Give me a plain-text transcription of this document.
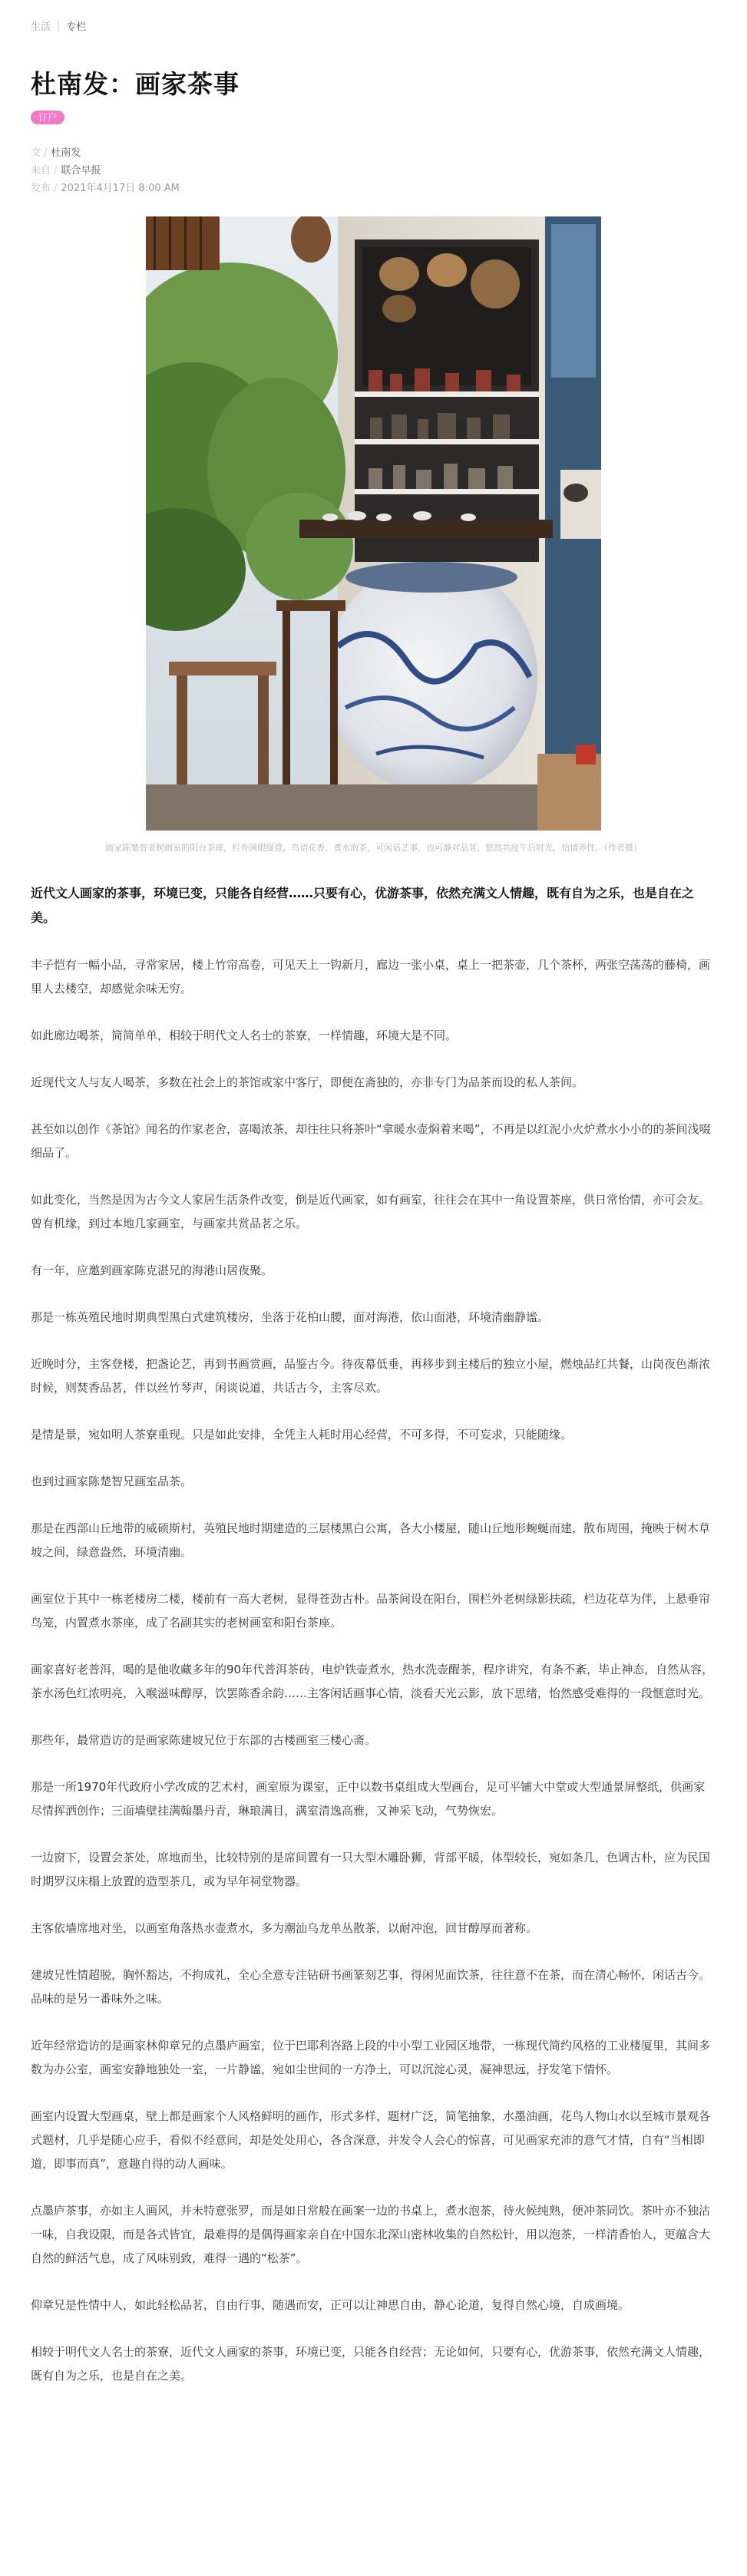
生活 | 专栏
杜南发：画家茶事
订户
文 / 杜南发
来自 / 联合早报
发布 / 2021年4月17日 8:00 AM
画家陈楚智老树画室的阳台茶座，栏外满眼绿意，鸟语花香，煮水泡茶，可闲话艺事，也可静对品茗，悠然共度午后时光，怡情养性。（作者摄）

近代文人画家的茶事，环境已变，只能各自经营……只要有心，优游茶事，依然充满文人情趣，既有自为之乐，也是自在之美。

丰子恺有一幅小品，寻常家居，楼上竹帘高卷，可见天上一钩新月，廊边一张小桌，桌上一把茶壶，几个茶杯，两张空荡荡的藤椅，画里人去楼空，却感觉余味无穷。

如此廊边喝茶，简简单单，相较于明代文人名士的茶寮，一样情趣，环境大是不同。

近现代文人与友人喝茶，多数在社会上的茶馆或家中客厅，即便在斋独的，亦非专门为品茶而设的私人茶间。

甚至如以创作《茶馆》闻名的作家老舍，喜喝浓茶，却往往只将茶叶“拿暖水壶焖着来喝”，不再是以红泥小火炉煮水小小的的茶间浅啜细品了。

如此变化，当然是因为古今文人家居生活条件改变，倒是近代画家，如有画室，往往会在其中一角设置茶座，供日常怡情，亦可会友。曾有机缘，到过本地几家画室，与画家共赏品茗之乐。

有一年，应邀到画家陈克湛兄的海港山居夜聚。

那是一栋英殖民地时期典型黑白式建筑楼房，坐落于花柏山腰，面对海港，依山面港，环境清幽静谧。

近晚时分，主客登楼，把盏论艺，再到书画赏画，品鉴古今。待夜幕低垂，再移步到主楼后的独立小屋，燃烛品红共餐，山岗夜色渐浓时候，则焚香品茗，伴以丝竹琴声，闲谈说道，共话古今，主客尽欢。

是情是景，宛如明人茶寮重现。只是如此安排，全凭主人耗时用心经营，不可多得，不可妄求，只能随缘。

也到过画家陈楚智兄画室品茶。

那是在西部山丘地带的威硕斯村，英殖民地时期建造的三层楼黑白公寓，各大小楼屋，随山丘地形蜿蜒而建，散布周围，掩映于树木草坡之间，绿意盎然，环境清幽。

画室位于其中一栋老楼房二楼，楼前有一高大老树，显得苍劲古朴。品茶间设在阳台，围栏外老树绿影扶疏，栏边花草为伴，上悬垂帘鸟笼，内置煮水茶座，成了名副其实的老树画室和阳台茶座。

画家喜好老普洱，喝的是他收藏多年的90年代普洱茶砖，电炉铁壶煮水，热水洗壶醒茶，程序讲究，有条不紊，毕止神态，自然从容，茶水汤色红浓明亮，入喉滋味醇厚，饮罢陈香余韵……主客闲话画事心情，淡看天光云影，放下思绪，怡然感受难得的一段惬意时光。

那些年，最常造访的是画家陈建坡兄位于东部的古楼画室三楼心斋。

那是一所1970年代政府小学改成的艺术村，画室原为课室，正中以数书桌组成大型画台，足可平铺大中堂或大型通景屏整纸，供画家尽情挥洒创作；三面墙壁挂满翰墨丹青，琳琅满目，满室清逸高雅，又神采飞动，气势恢宏。

一边窗下，设置会茶处，席地而坐，比较特别的是席间置有一只大型木雕卧狮，背部平暖，体型较长，宛如条几，色调古朴，应为民国时期罗汉床榻上放置的造型茶几，或为早年祠堂物器。

主客依墙席地对坐，以画室角落热水壶煮水，多为潮汕乌龙单丛散茶，以耐冲泡，回甘醇厚而著称。

建坡兄性情超脱，胸怀豁达，不拘成礼，全心全意专注钻研书画篆刻艺事，得闲见面饮茶，往往意不在茶，而在清心畅怀，闲话古今。品味的是另一番味外之味。

近年经常造访的是画家林仰章兄的点墨庐画室，位于巴耶利峇路上段的中小型工业园区地带，一栋现代简约风格的工业楼厦里，其间多数为办公室，画室安静地独处一室，一片静谧，宛如尘世间的一方净土，可以沉淀心灵，凝神思远，抒发笔下情怀。

画室内设置大型画桌，壁上都是画家个人风格鲜明的画作，形式多样，题材广泛，简笔抽象，水墨油画，花鸟人物山水以至城市景观各式题材，几乎是随心应手，看似不经意间，却是处处用心，各含深意，并发令人会心的惊喜，可见画家充沛的意气才情，自有“当相即道，即事而真”，意趣自得的动人画味。

点墨庐茶事，亦如主人画风，并未特意张罗，而是如日常般在画案一边的书桌上，煮水泡茶，待火候纯熟，便冲茶同饮。茶叶亦不独沽一味，自我设限，而是各式皆宜，最难得的是偶得画家亲自在中国东北深山密林收集的自然松针，用以泡茶，一样清香怡人，更蕴含大自然的鲜活气息，成了风味别致，难得一遇的“松茶”。

仰章兄是性情中人，如此轻松品茗，自由行事，随遇而安，正可以让神思自由，静心论道，复得自然心境，自成画境。

相较于明代文人名士的茶寮，近代文人画家的茶事，环境已变，只能各自经营；无论如何，只要有心，优游茶事，依然充满文人情趣，既有自为之乐，也是自在之美。
